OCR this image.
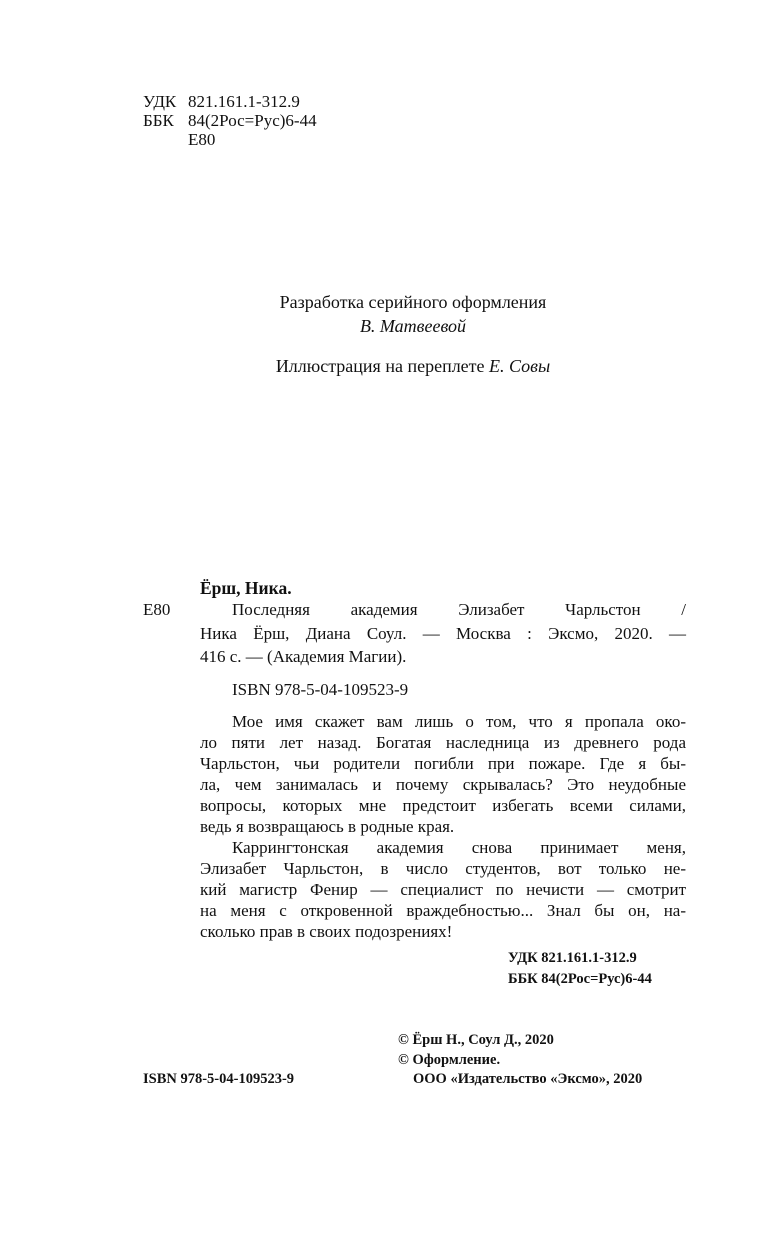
УДК 821.161.1-312.9
ББК 84(2Рос=Рус)6-44
Е80
Разработка серийного оформления
В. Матвеевой
Иллюстрация на переплете Е. Совы
Ёрш, Ника.
Е80	Последняя академия Элизабет Чарльстон /
Ника Ёрш, Диана Соул. — Москва : Эксмо, 2020. —
416 с. — (Академия Магии).
ISBN 978-5-04-109523-9
Мое имя скажет вам лишь о том, что я пропала око-
ло пяти лет назад. Богатая наследница из древнего рода
Чарльстон, чьи родители погибли при пожаре. Где я бы-
ла, чем занималась и почему скрывалась? Это неудобные
вопросы, которых мне предстоит избегать всеми силами,
ведь я возвращаюсь в родные края.
Каррингтонская академия снова принимает меня,
Элизабет Чарльстон, в число студентов, вот только не-
кий магистр Фенир — специалист по нечисти — смотрит
на меня с откровенной враждебностью... Знал бы он, на-
сколько прав в своих подозрениях!
УДК 821.161.1-312.9
ББК 84(2Рос=Рус)6-44
© Ёрш Н., Соул Д., 2020
© Оформление.
ООО «Издательство «Эксмо», 2020
ISBN 978-5-04-109523-9
